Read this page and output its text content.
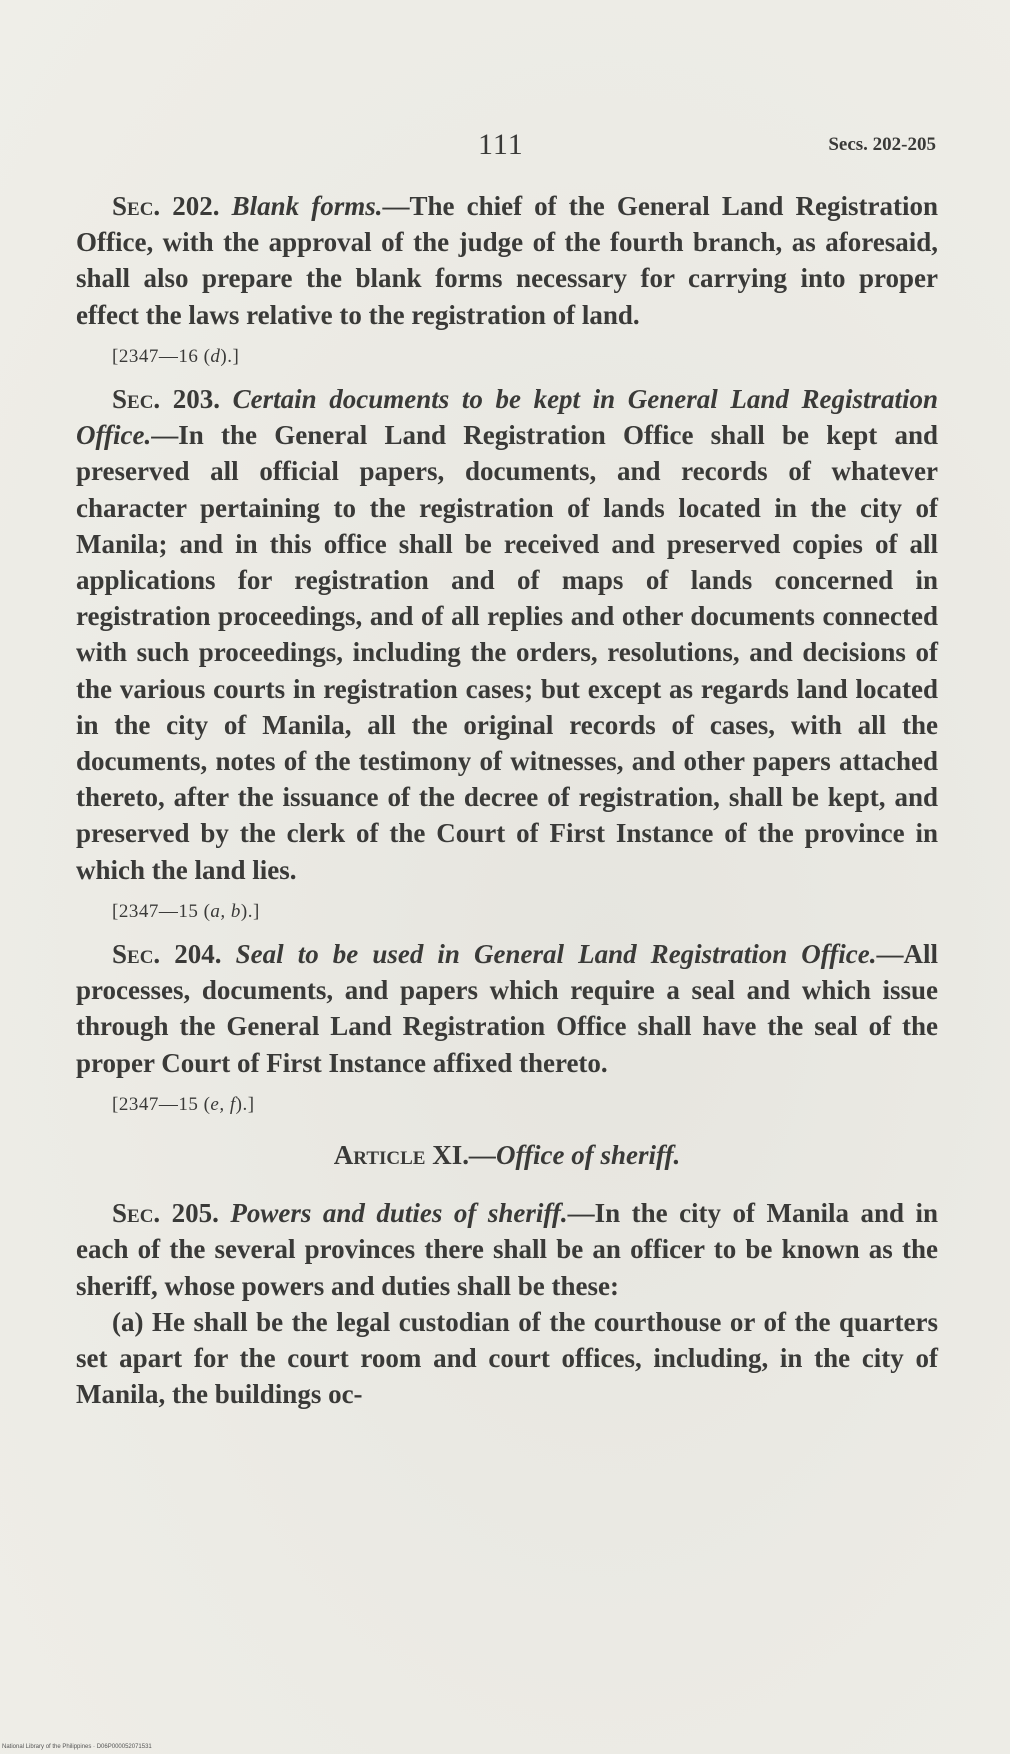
111	Secs. 202-205

Sec. 202. Blank forms.—The chief of the General Land Registration Office, with the approval of the judge of the fourth branch, as aforesaid, shall also prepare the blank forms necessary for carrying into proper effect the laws relative to the registration of land.

[2347—16 (d).]

Sec. 203. Certain documents to be kept in General Land Registration Office.—In the General Land Registration Office shall be kept and preserved all official papers, documents, and records of whatever character pertaining to the registration of lands located in the city of Manila; and in this office shall be received and preserved copies of all applications for registration and of maps of lands concerned in registration proceedings, and of all replies and other documents connected with such proceedings, including the orders, resolutions, and decisions of the various courts in registration cases; but except as regards land located in the city of Manila, all the original records of cases, with all the documents, notes of the testimony of witnesses, and other papers attached thereto, after the issuance of the decree of registration, shall be kept, and preserved by the clerk of the Court of First Instance of the province in which the land lies.

[2347—15 (a, b).]

Sec. 204. Seal to be used in General Land Registration Office.—All processes, documents, and papers which require a seal and which issue through the General Land Registration Office shall have the seal of the proper Court of First Instance affixed thereto.

[2347—15 (e, f).]

Article XI.—Office of sheriff.

Sec. 205. Powers and duties of sheriff.—In the city of Manila and in each of the several provinces there shall be an officer to be known as the sheriff, whose powers and duties shall be these:

(a) He shall be the legal custodian of the courthouse or of the quarters set apart for the court room and court offices, including, in the city of Manila, the buildings oc-

National Library of the Philippines · D06P000052071531
